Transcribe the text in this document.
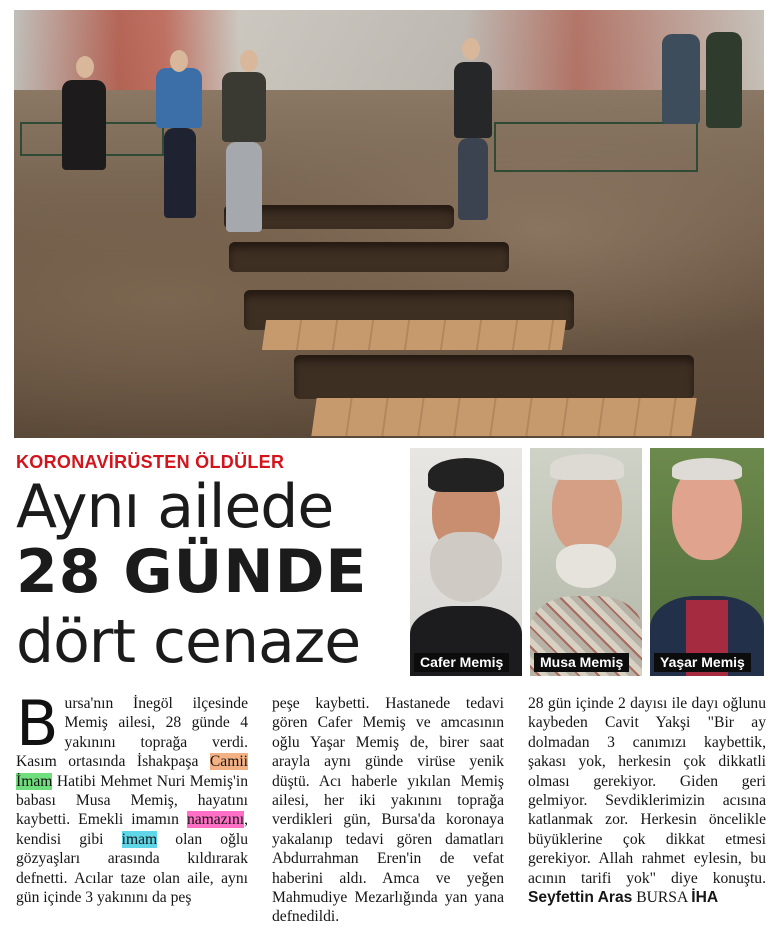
KORONAVİRÜSTEN ÖLDÜLER
Aynı ailede
28 GÜNDE
dört cenaze	Cafer Memiş	Musa Memiş	Yaşar Memiş

Bursa'nın İnegöl ilçesinde Memiş ailesi, 28 günde 4 yakınını toprağa verdi. Kasım ortasında İshakpaşa Camii İmam Hatibi Mehmet Nuri Memiş'in babası Musa Memiş, hayatını kaybetti. Emekli imamın namazını, kendisi gibi imam olan oğlu gözyaşları arasında kıldırarak defnetti. Acılar taze olan aile, aynı gün içinde 3 yakınını da peş

peşe kaybetti. Hastanede tedavi gören Cafer Memiş ve amcasının oğlu Yaşar Memiş de, birer saat arayla aynı günde virüse yenik düştü. Acı haberle yıkılan Memiş ailesi, her iki yakınını toprağa verdikleri gün, Bursa'da koronaya yakalanıp tedavi gören damatları Abdurrahman Eren'in de vefat haberini aldı. Amca ve yeğen Mahmudiye Mezarlığında yan yana defnedildi.

28 gün içinde 2 dayısı ile dayı oğlunu kaybeden Cavit Yakşi "Bir ay dolmadan 3 canımızı kaybettik, şakası yok, herkesin çok dikkatli olması gerekiyor. Giden geri gelmiyor. Sevdiklerimizin acısına katlanmak zor. Herkesin öncelikle büyüklerine çok dikkat etmesi gerekiyor. Allah rahmet eylesin, bu acının tarifi yok" diye konuştu. Seyfettin Aras BURSA İHA
